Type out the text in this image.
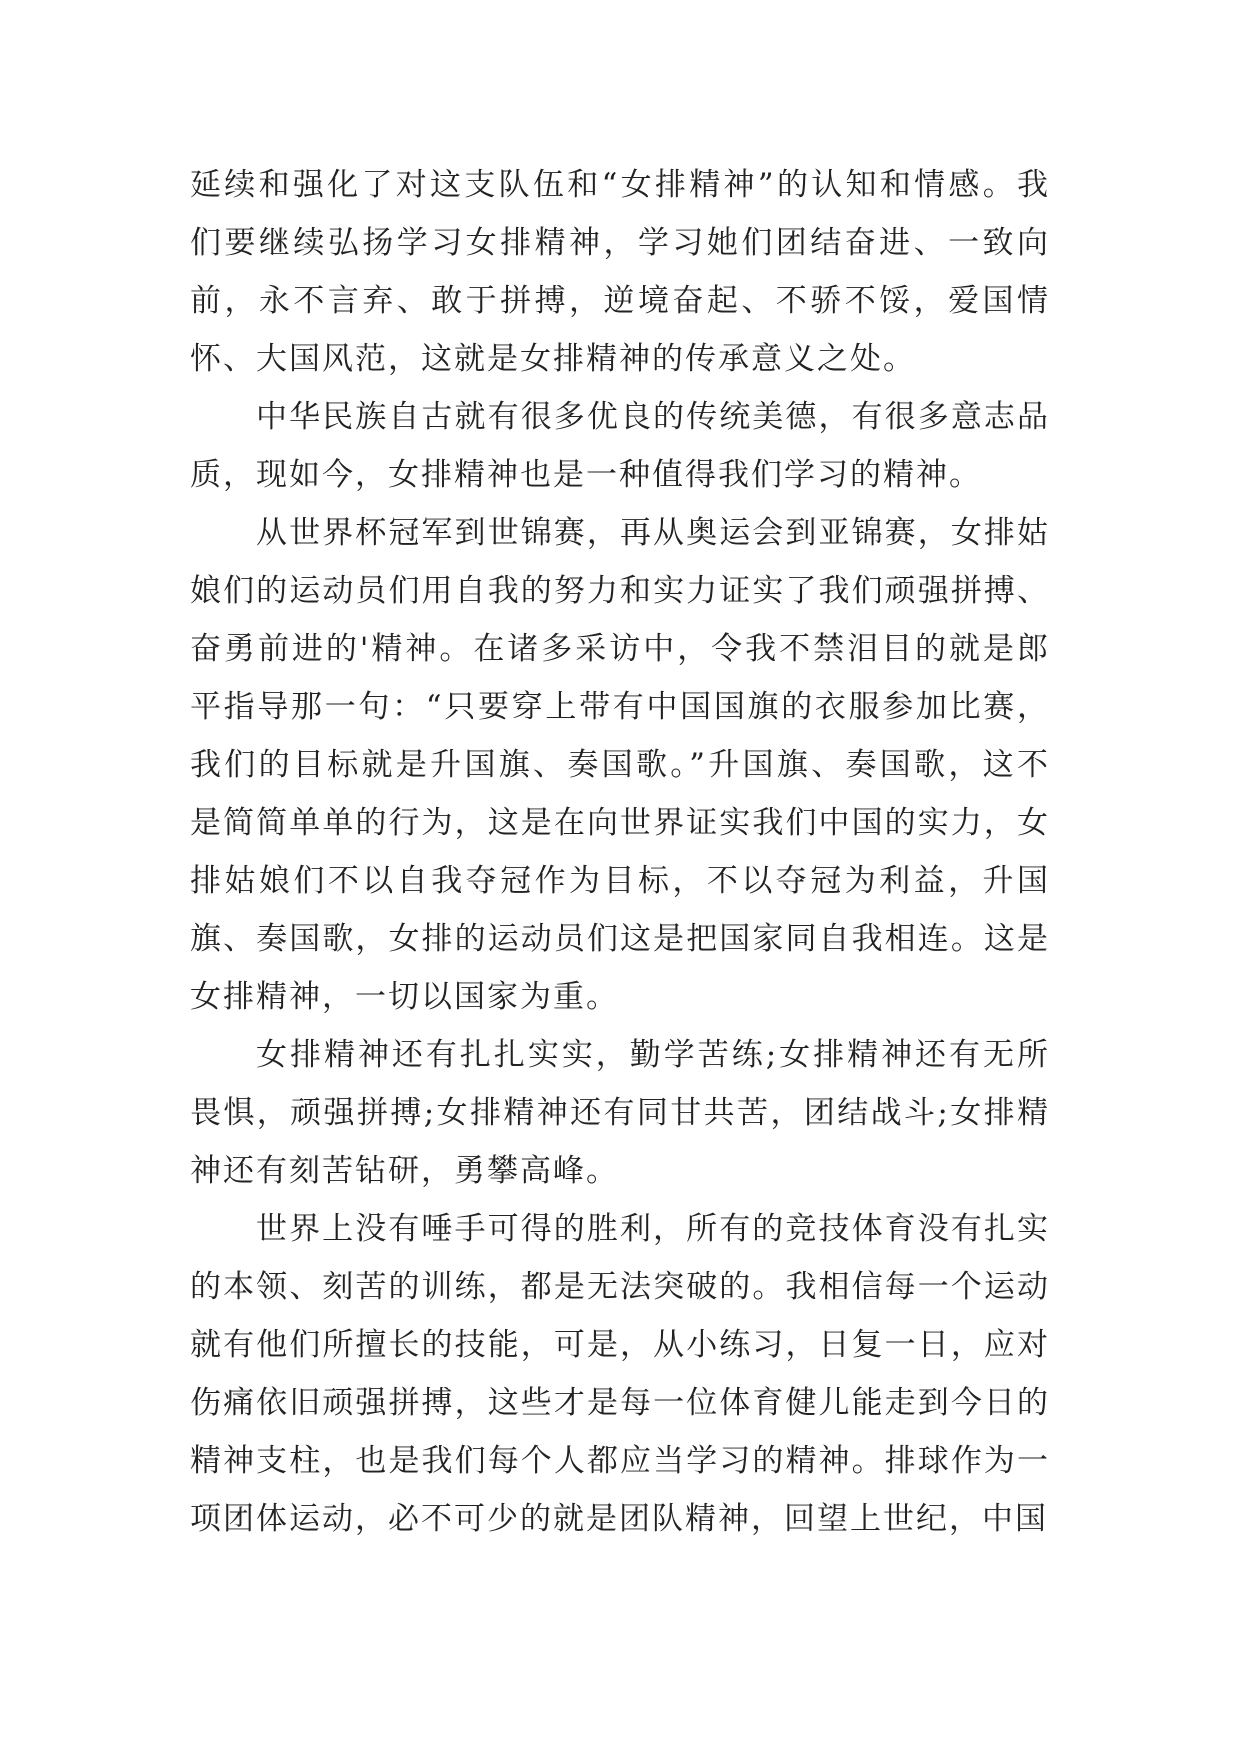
延续和强化了对这支队伍和“女排精神”的认知和情感。我们要继续弘扬学习女排精神，学习她们团结奋进、一致向前，永不言弃、敢于拼搏，逆境奋起、不骄不馁，爱国情怀、大国风范，这就是女排精神的传承意义之处。

中华民族自古就有很多优良的传统美德，有很多意志品质，现如今，女排精神也是一种值得我们学习的精神。

从世界杯冠军到世锦赛，再从奥运会到亚锦赛，女排姑娘们的运动员们用自我的努力和实力证实了我们顽强拼搏、奋勇前进的'精神。在诸多采访中，令我不禁泪目的就是郎平指导那一句：“只要穿上带有中国国旗的衣服参加比赛，我们的目标就是升国旗、奏国歌。”升国旗、奏国歌，这不是简简单单的行为，这是在向世界证实我们中国的实力，女排姑娘们不以自我夺冠作为目标，不以夺冠为利益，升国旗、奏国歌，女排的运动员们这是把国家同自我相连。这是女排精神，一切以国家为重。

女排精神还有扎扎实实，勤学苦练;女排精神还有无所畏惧，顽强拼搏;女排精神还有同甘共苦，团结战斗;女排精神还有刻苦钻研，勇攀高峰。

世界上没有唾手可得的胜利，所有的竞技体育没有扎实的本领、刻苦的训练，都是无法突破的。我相信每一个运动就有他们所擅长的技能，可是，从小练习，日复一日，应对伤痛依旧顽强拼搏，这些才是每一位体育健儿能走到今日的精神支柱，也是我们每个人都应当学习的精神。排球作为一项团体运动，必不可少的就是团队精神，回望上世纪，中国
